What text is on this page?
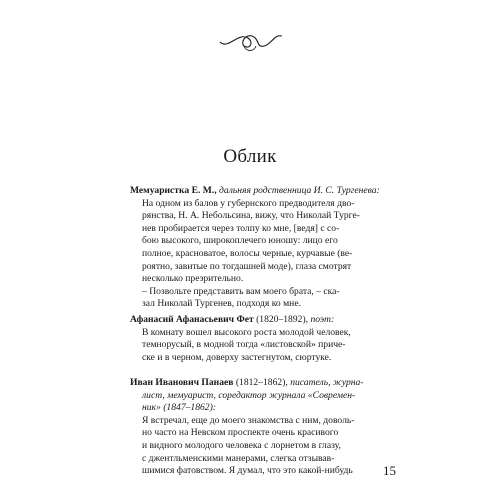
Облик
Мемуаристка Е. М., дальняя родственница И. С. Тургенева:
На одном из балов у губернского предводителя дво-
рянства, Н. А. Небольсина, вижу, что Николай Турге-
нев пробирается через толпу ко мне, [ведя] с со-
бою высокого, широкоплечего юношу: лицо его
полное, красноватое, волосы черные, курчавые (ве-
роятно, завитые по тогдашней моде), глаза смотрят
несколько презрительно.
– Позвольте представить вам моего брата, – ска-
зал Николай Тургенев, подходя ко мне.
Афанасий Афанасьевич Фет (1820–1892), поэт:
В комнату вошел высокого роста молодой человек,
темнорусый, в модной тогда «листовской» приче-
ске и в черном, доверху застегнутом, сюртуке.
Иван Иванович Панаев (1812–1862), писатель, журна-
лист, мемуарист, соредактор журнала «Современ-
ник» (1847–1862):
Я встречал, еще до моего знакомства с ним, доволь-
но часто на Невском проспекте очень красивого
и видного молодого человека с лорнетом в глазу,
с джентльменскими манерами, слегка отзывав-
шимися фатовством. Я думал, что это какой-нибудь	15
